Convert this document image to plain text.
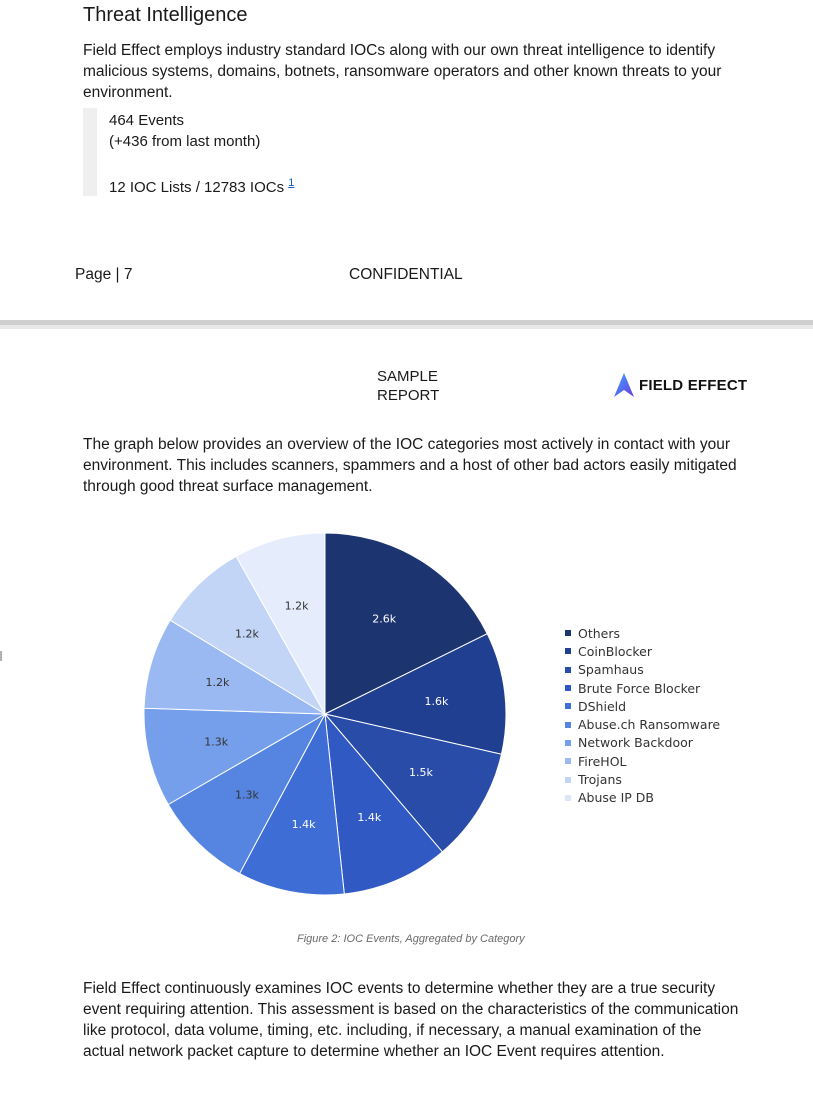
Threat Intelligence
Field Effect employs industry standard IOCs along with our own threat intelligence to identify malicious systems, domains, botnets, ransomware operators and other known threats to your environment.
464 Events
(+436 from last month)
12 IOC Lists / 12783 IOCs $^1$
Page | 7	CONFIDENTIAL
SAMPLE
REPORT
FIELD EFFECT
The graph below provides an overview of the IOC categories most actively in contact with your environment. This includes scanners, spammers and a host of other bad actors easily mitigated through good threat surface management.
2.6k
1.6k
1.5k
1.4k
1.4k
1.3k
1.3k
1.2k
1.2k
1.2k
Others
CoinBlocker
Spamhaus
Brute Force Blocker
DShield
Abuse.ch Ransomware
Network Backdoor
FireHOL
Trojans
Abuse IP DB
Figure 2: IOC Events, Aggregated by Category
Field Effect continuously examines IOC events to determine whether they are a true security event requiring attention. This assessment is based on the characteristics of the communication like protocol, data volume, timing, etc. including, if necessary, a manual examination of the actual network packet capture to determine whether an IOC Event requires attention.
